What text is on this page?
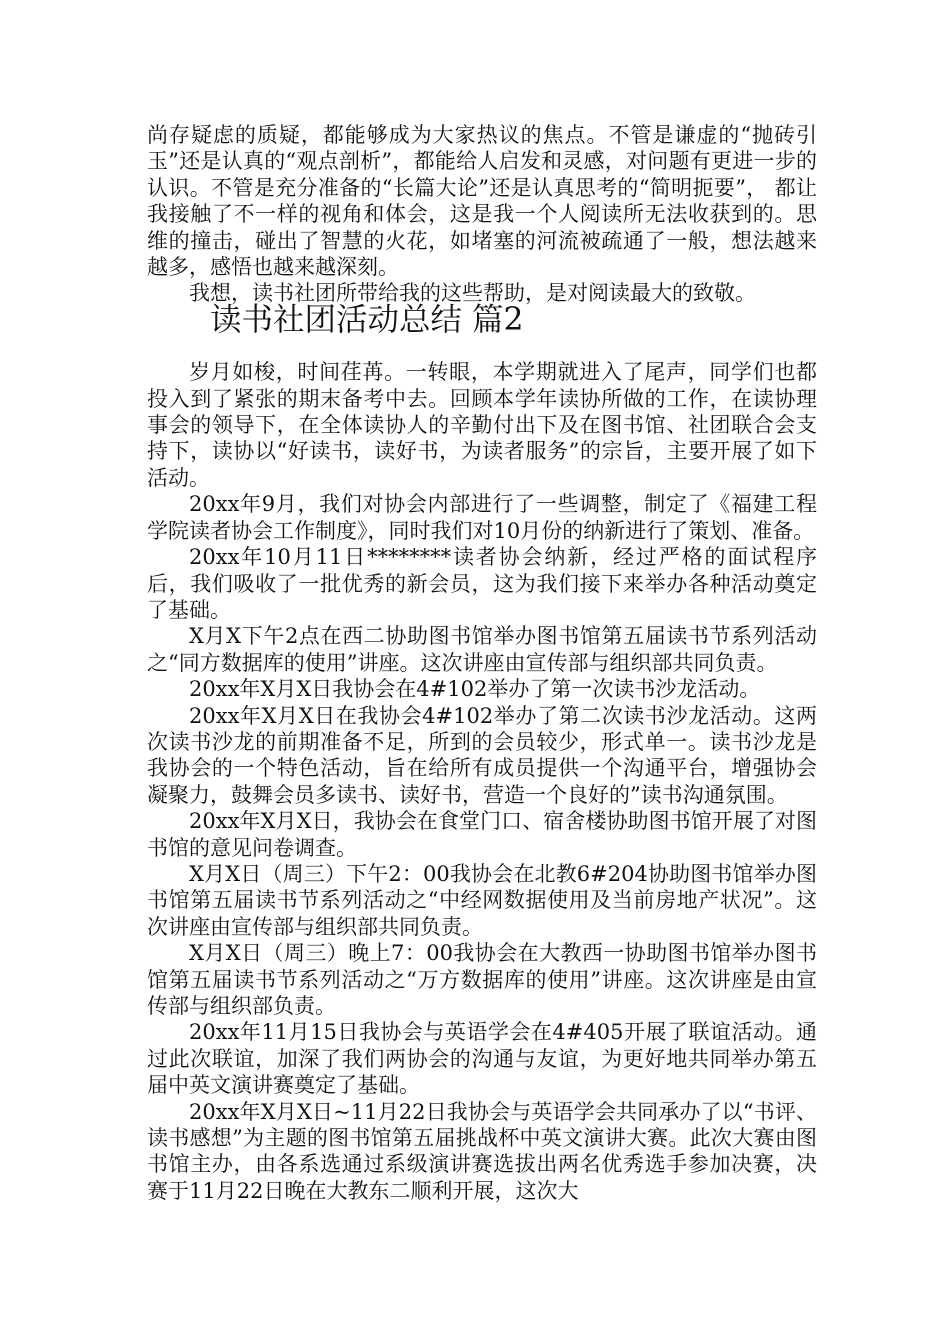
尚存疑虑的质疑，都能够成为大家热议的焦点。不管是谦虚的“抛砖引玉”还是认真的“观点剖析”，都能给人启发和灵感，对问题有更进一步的认识。不管是充分准备的“长篇大论”还是认真思考的“简明扼要”， 都让我接触了不一样的视角和体会，这是我一个人阅读所无法收获到的。思维的撞击，碰出了智慧的火花，如堵塞的河流被疏通了一般，想法越来越多，感悟也越来越深刻。

我想，读书社团所带给我的这些帮助，是对阅读最大的致敬。

读书社团活动总结 篇2

岁月如梭，时间荏苒。一转眼，本学期就进入了尾声，同学们也都投入到了紧张的期末备考中去。回顾本学年读协所做的工作，在读协理事会的领导下，在全体读协人的辛勤付出下及在图书馆、社团联合会支持下，读协以“好读书，读好书，为读者服务”的宗旨，主要开展了如下活动。

20xx年9月，我们对协会内部进行了一些调整，制定了《福建工程学院读者协会工作制度》，同时我们对10月份的纳新进行了策划、准备。

20xx年10月11日********读者协会纳新，经过严格的面试程序后，我们吸收了一批优秀的新会员，这为我们接下来举办各种活动奠定了基础。

X月X下午2点在西二协助图书馆举办图书馆第五届读书节系列活动之“同方数据库的使用”讲座。这次讲座由宣传部与组织部共同负责。

20xx年X月X日我协会在4#102举办了第一次读书沙龙活动。

20xx年X月X日在我协会4#102举办了第二次读书沙龙活动。这两次读书沙龙的前期准备不足，所到的会员较少，形式单一。读书沙龙是我协会的一个特色活动，旨在给所有成员提供一个沟通平台，增强协会凝聚力，鼓舞会员多读书、读好书，营造一个良好的”读书沟通氛围。

20xx年X月X日，我协会在食堂门口、宿舍楼协助图书馆开展了对图书馆的意见问卷调查。

X月X日（周三）下午2：00我协会在北教6#204协助图书馆举办图书馆第五届读书节系列活动之“中经网数据使用及当前房地产状况”。这次讲座由宣传部与组织部共同负责。

X月X日（周三）晚上7：00我协会在大教西一协助图书馆举办图书馆第五届读书节系列活动之“万方数据库的使用”讲座。这次讲座是由宣传部与组织部负责。

20xx年11月15日我协会与英语学会在4#405开展了联谊活动。通过此次联谊，加深了我们两协会的沟通与友谊，为更好地共同举办第五届中英文演讲赛奠定了基础。

20xx年X月X日~11月22日我协会与英语学会共同承办了以“书评、读书感想”为主题的图书馆第五届挑战杯中英文演讲大赛。此次大赛由图书馆主办，由各系选通过系级演讲赛选拔出两名优秀选手参加决赛，决赛于11月22日晚在大教东二顺利开展，这次大
